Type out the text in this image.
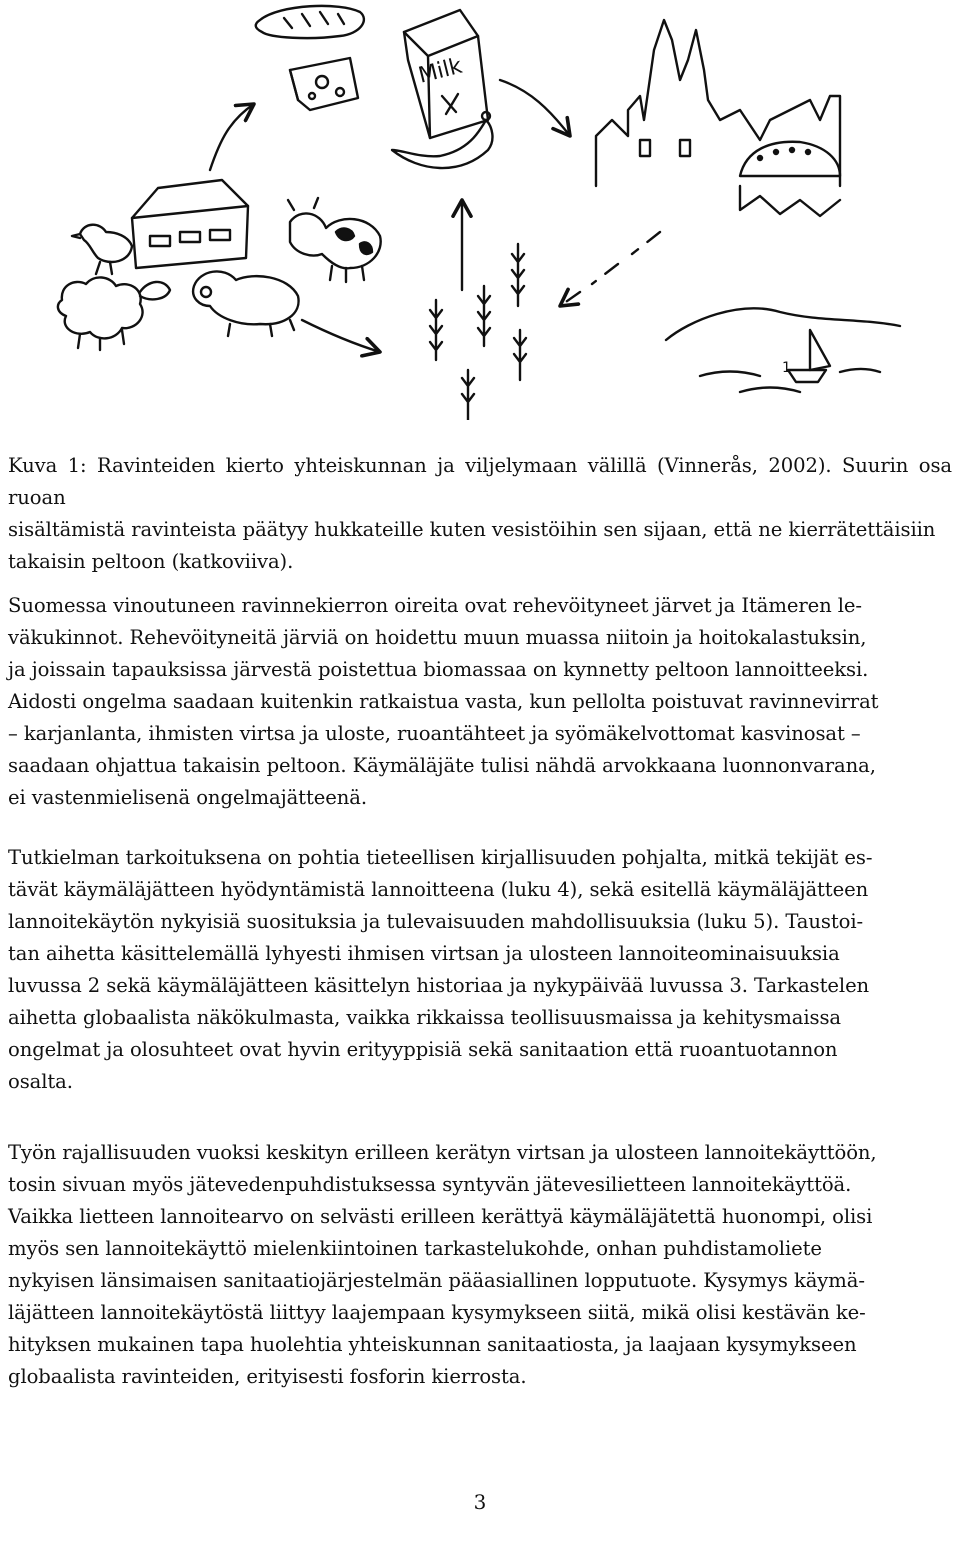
Milk
1

Kuva 1: Ravinteiden kierto yhteiskunnan ja viljelymaan välillä (Vinnerås, 2002). Suurin osa ruoan
sisältämistä ravinteista päätyy hukkateille kuten vesistöihin sen sijaan, että ne kierrätettäisiin
takaisin peltoon (katkoviiva).

Suomessa vinoutuneen ravinnekierron oireita ovat rehevöityneet järvet ja Itämeren le-
väkukinnot. Rehevöityneitä järviä on hoidettu muun muassa niitoin ja hoitokalastuksin,
ja joissain tapauksissa järvestä poistettua biomassaa on kynnetty peltoon lannoitteeksi.
Aidosti ongelma saadaan kuitenkin ratkaistua vasta, kun pellolta poistuvat ravinnevirrat
– karjanlanta, ihmisten virtsa ja uloste, ruoantähteet ja syömäkelvottomat kasvinosat –
saadaan ohjattua takaisin peltoon. Käymäläjäte tulisi nähdä arvokkaana luonnonvarana,
ei vastenmielisenä ongelmajätteenä.

Tutkielman tarkoituksena on pohtia tieteellisen kirjallisuuden pohjalta, mitkä tekijät es-
tävät käymäläjätteen hyödyntämistä lannoitteena (luku 4), sekä esitellä käymäläjätteen
lannoitekäytön nykyisiä suosituksia ja tulevaisuuden mahdollisuuksia (luku 5). Taustoi-
tan aihetta käsittelemällä lyhyesti ihmisen virtsan ja ulosteen lannoiteominaisuuksia
luvussa 2 sekä käymäläjätteen käsittelyn historiaa ja nykypäivää luvussa 3. Tarkastelen
aihetta globaalista näkökulmasta, vaikka rikkaissa teollisuusmaissa ja kehitysmaissa
ongelmat ja olosuhteet ovat hyvin erityyppisiä sekä sanitaation että ruoantuotannon
osalta.

Työn rajallisuuden vuoksi keskityn erilleen kerätyn virtsan ja ulosteen lannoitekäyttöön,
tosin sivuan myös jätevedenpuhdistuksessa syntyvän jätevesilietteen lannoitekäyttöä.
Vaikka lietteen lannoitearvo on selvästi erilleen kerättyä käymäläjätettä huonompi, olisi
myös sen lannoitekäyttö mielenkiintoinen tarkastelukohde, onhan puhdistamoliete
nykyisen länsimaisen sanitaatiojärjestelmän pääasiallinen lopputuote. Kysymys käymä-
läjätteen lannoitekäytöstä liittyy laajempaan kysymykseen siitä, mikä olisi kestävän ke-
hityksen mukainen tapa huolehtia yhteiskunnan sanitaatiosta, ja laajaan kysymykseen
globaalista ravinteiden, erityisesti fosforin kierrosta.

3
